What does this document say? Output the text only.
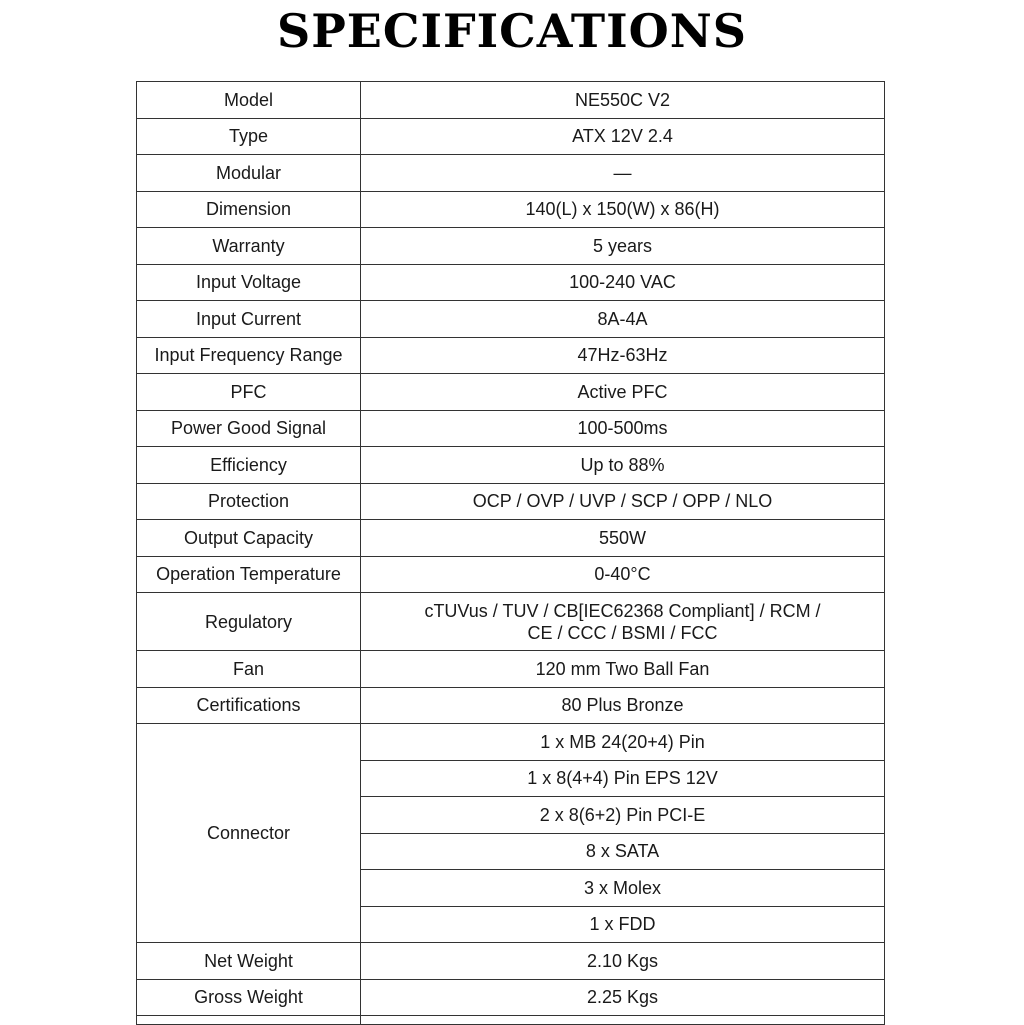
SPECIFICATIONS
Model	NE550C V2
Type	ATX 12V 2.4
Modular	—
Dimension	140(L) x 150(W) x 86(H)
Warranty	5 years
Input Voltage	100-240 VAC
Input Current	8A-4A
Input Frequency Range	47Hz-63Hz
PFC	Active PFC
Power Good Signal	100-500ms
Efficiency	Up to 88%
Protection	OCP / OVP / UVP / SCP / OPP / NLO
Output Capacity	550W
Operation Temperature	0-40°C
Regulatory	cTUVus / TUV / CB[IEC62368 Compliant] / RCM /
CE / CCC / BSMI / FCC
Fan	120 mm Two Ball Fan
Certifications	80 Plus Bronze
Connector	1 x MB 24(20+4) Pin
	1 x 8(4+4) Pin EPS 12V
	2 x 8(6+2) Pin PCI-E
	8 x SATA
	3 x Molex
	1 x FDD
Net Weight	2.10 Kgs
Gross Weight	2.25 Kgs
